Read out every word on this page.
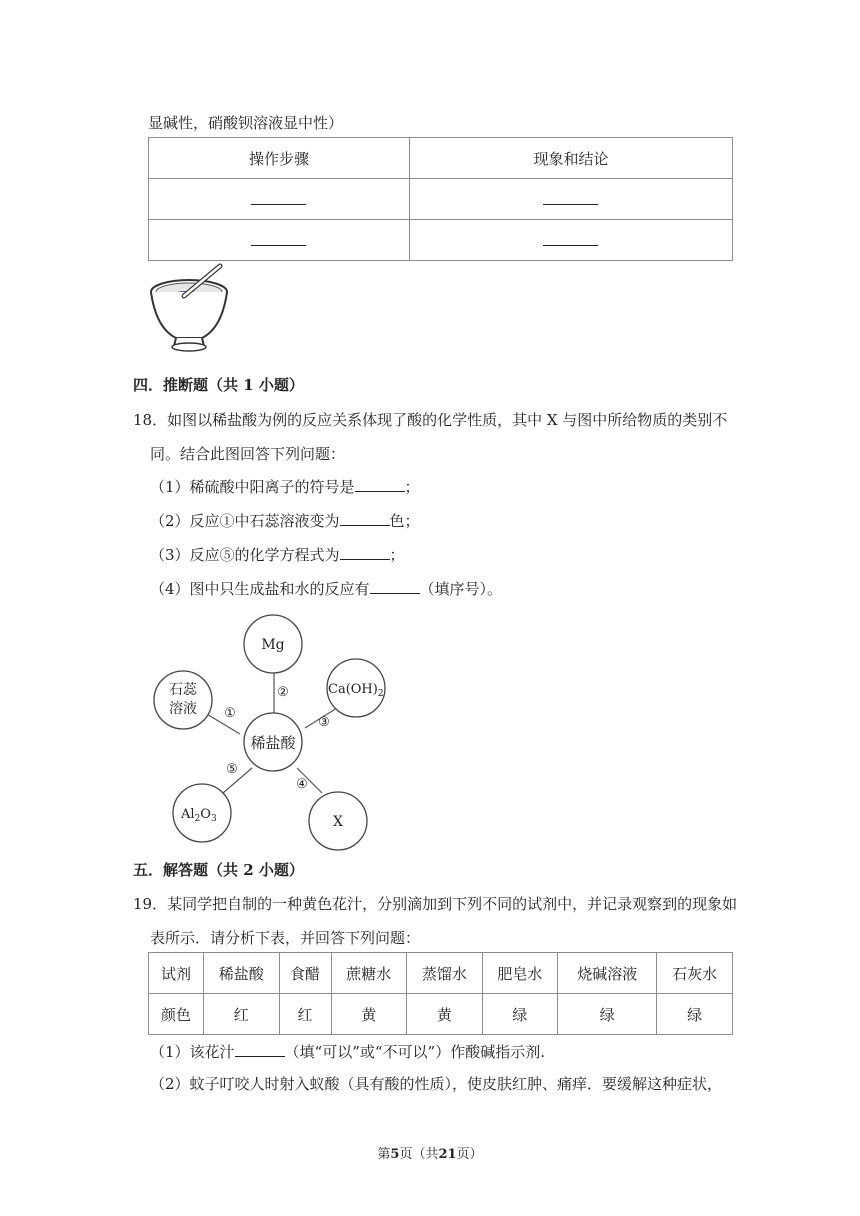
显碱性，硝酸钡溶液显中性）
操作步骤	现象和结论

四．推断题（共 1 小题）
18．如图以稀盐酸为例的反应关系体现了酸的化学性质，其中 X 与图中所给物质的类别不
同。结合此图回答下列问题：
（1）稀硫酸中阳离子的符号是	；
（2）反应①中石蕊溶液变为	色；
（3）反应⑤的化学方程式为	；
（4）图中只生成盐和水的反应有	（填序号）。
Mg
石蕊
溶液
稀盐酸
X
②
①
③
⑤
④
$Ca(OH)_2$
$Al_2O_3$
五．解答题（共 2 小题）
19．某同学把自制的一种黄色花汁，分别滴加到下列不同的试剂中，并记录观察到的现象如
表所示．请分析下表，并回答下列问题：
试剂	稀盐酸	食醋	蔗糖水	蒸馏水	肥皂水	烧碱溶液	石灰水
颜色	红	红	黄	黄	绿	绿	绿
（1）该花汁	（填“可以”或“不可以”）作酸碱指示剂.
（2）蚊子叮咬人时射入蚁酸（具有酸的性质），使皮肤红肿、痛痒．要缓解这种症状，
第5页（共21页）
